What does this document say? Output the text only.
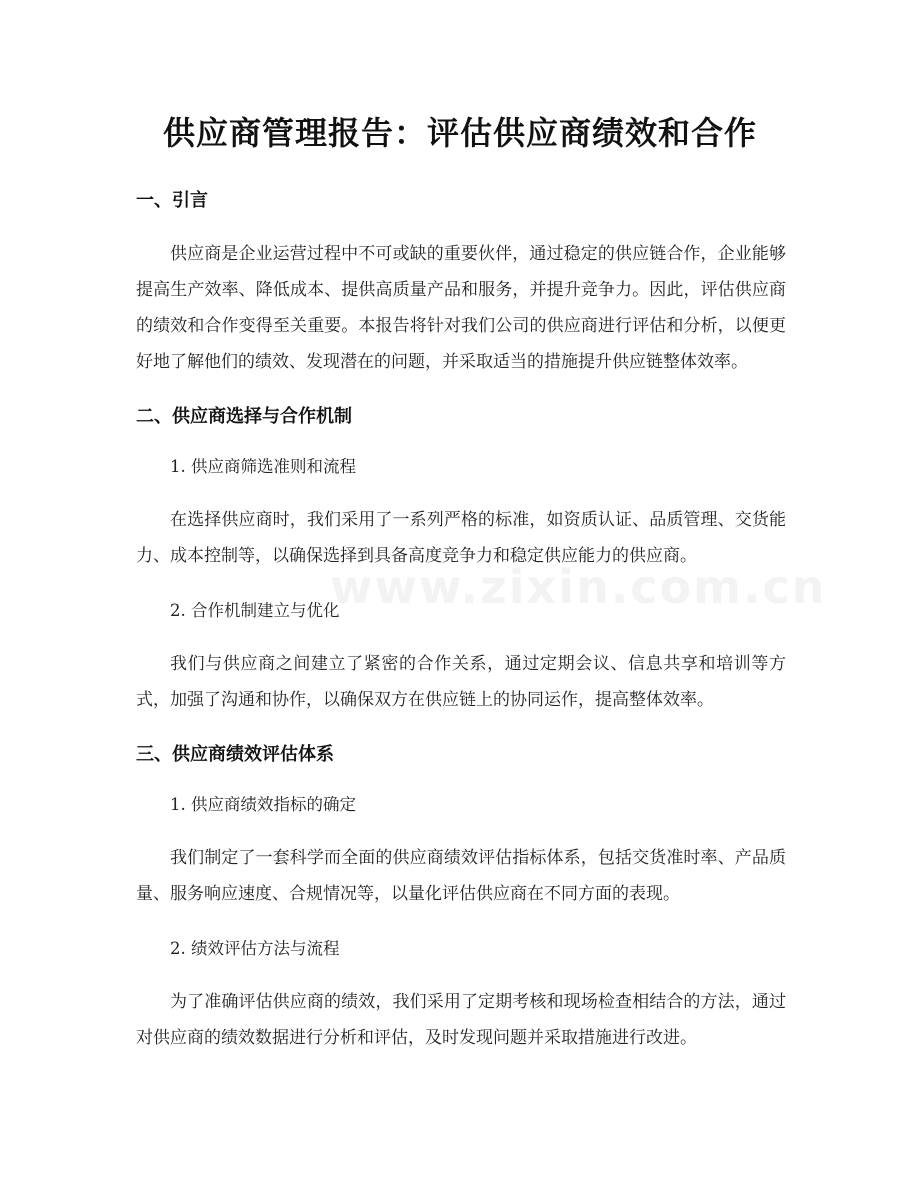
供应商管理报告：评估供应商绩效和合作
www.zixin.com.cn
一、引言

供应商是企业运营过程中不可或缺的重要伙伴，通过稳定的供应链合作，企业能够提高生产效率、降低成本、提供高质量产品和服务，并提升竞争力。因此，评估供应商的绩效和合作变得至关重要。本报告将针对我们公司的供应商进行评估和分析，以便更好地了解他们的绩效、发现潜在的问题，并采取适当的措施提升供应链整体效率。

二、供应商选择与合作机制

1. 供应商筛选准则和流程

在选择供应商时，我们采用了一系列严格的标准，如资质认证、品质管理、交货能力、成本控制等，以确保选择到具备高度竞争力和稳定供应能力的供应商。

2. 合作机制建立与优化

我们与供应商之间建立了紧密的合作关系，通过定期会议、信息共享和培训等方式，加强了沟通和协作，以确保双方在供应链上的协同运作，提高整体效率。

三、供应商绩效评估体系

1. 供应商绩效指标的确定

我们制定了一套科学而全面的供应商绩效评估指标体系，包括交货准时率、产品质量、服务响应速度、合规情况等，以量化评估供应商在不同方面的表现。

2. 绩效评估方法与流程

为了准确评估供应商的绩效，我们采用了定期考核和现场检查相结合的方法，通过对供应商的绩效数据进行分析和评估，及时发现问题并采取措施进行改进。
